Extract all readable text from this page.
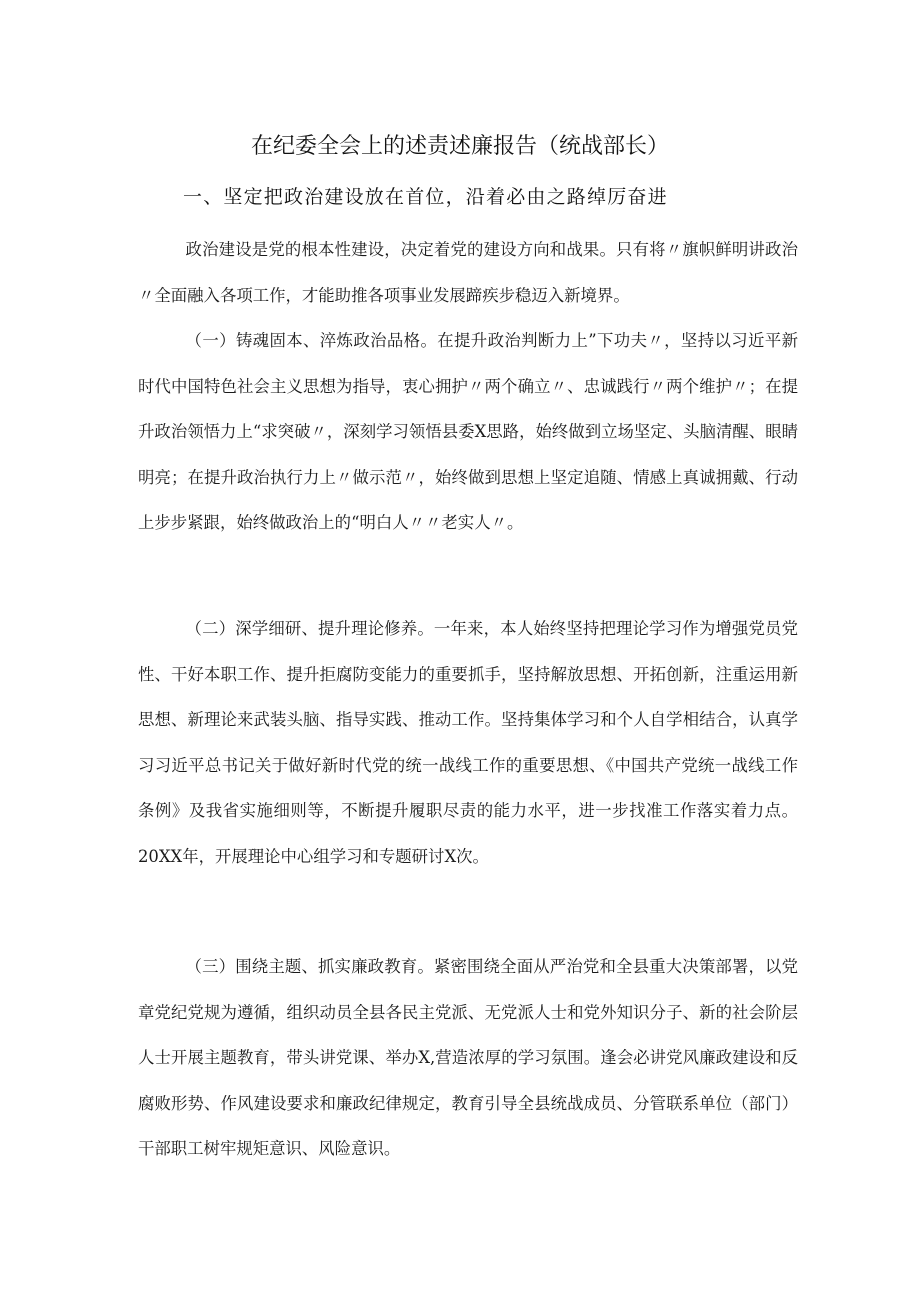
在纪委全会上的述责述廉报告（统战部长）
一、坚定把政治建设放在首位，沿着必由之路绰厉奋进

政治建设是党的根本性建设，决定着党的建设方向和战果。只有将〃旗帜鲜明讲政治〃全面融入各项工作，才能助推各项事业发展蹄疾步稳迈入新境界。

（一）铸魂固本、淬炼政治品格。在提升政治判断力上”下功夫〃，坚持以习近平新时代中国特色社会主义思想为指导，衷心拥护〃两个确立〃、忠诚践行〃两个维护〃；在提升政治领悟力上“求突破〃，深刻学习领悟县委X思路，始终做到立场坚定、头脑清醒、眼睛明亮；在提升政治执行力上〃做示范〃，始终做到思想上坚定追随、情感上真诚拥戴、行动上步步紧跟，始终做政治上的“明白人〃〃老实人〃。

（二）深学细研、提升理论修养。一年来，本人始终坚持把理论学习作为增强党员党性、干好本职工作、提升拒腐防变能力的重要抓手，坚持解放思想、开拓创新，注重运用新思想、新理论来武装头脑、指导实践、推动工作。坚持集体学习和个人自学相结合，认真学习习近平总书记关于做好新时代党的统一战线工作的重要思想、《中国共产党统一战线工作条例》及我省实施细则等，不断提升履职尽责的能力水平，进一步找准工作落实着力点。20XX年，开展理论中心组学习和专题研讨X次。

（三）围绕主题、抓实廉政教育。紧密围绕全面从严治党和全县重大决策部署，以党章党纪党规为遵循，组织动员全县各民主党派、无党派人士和党外知识分子、新的社会阶层人士开展主题教育，带头讲党课、举办X,营造浓厚的学习氛围。逢会必讲党风廉政建设和反腐败形势、作风建设要求和廉政纪律规定，教育引导全县统战成员、分管联系单位（部门）干部职工树牢规矩意识、风险意识。
